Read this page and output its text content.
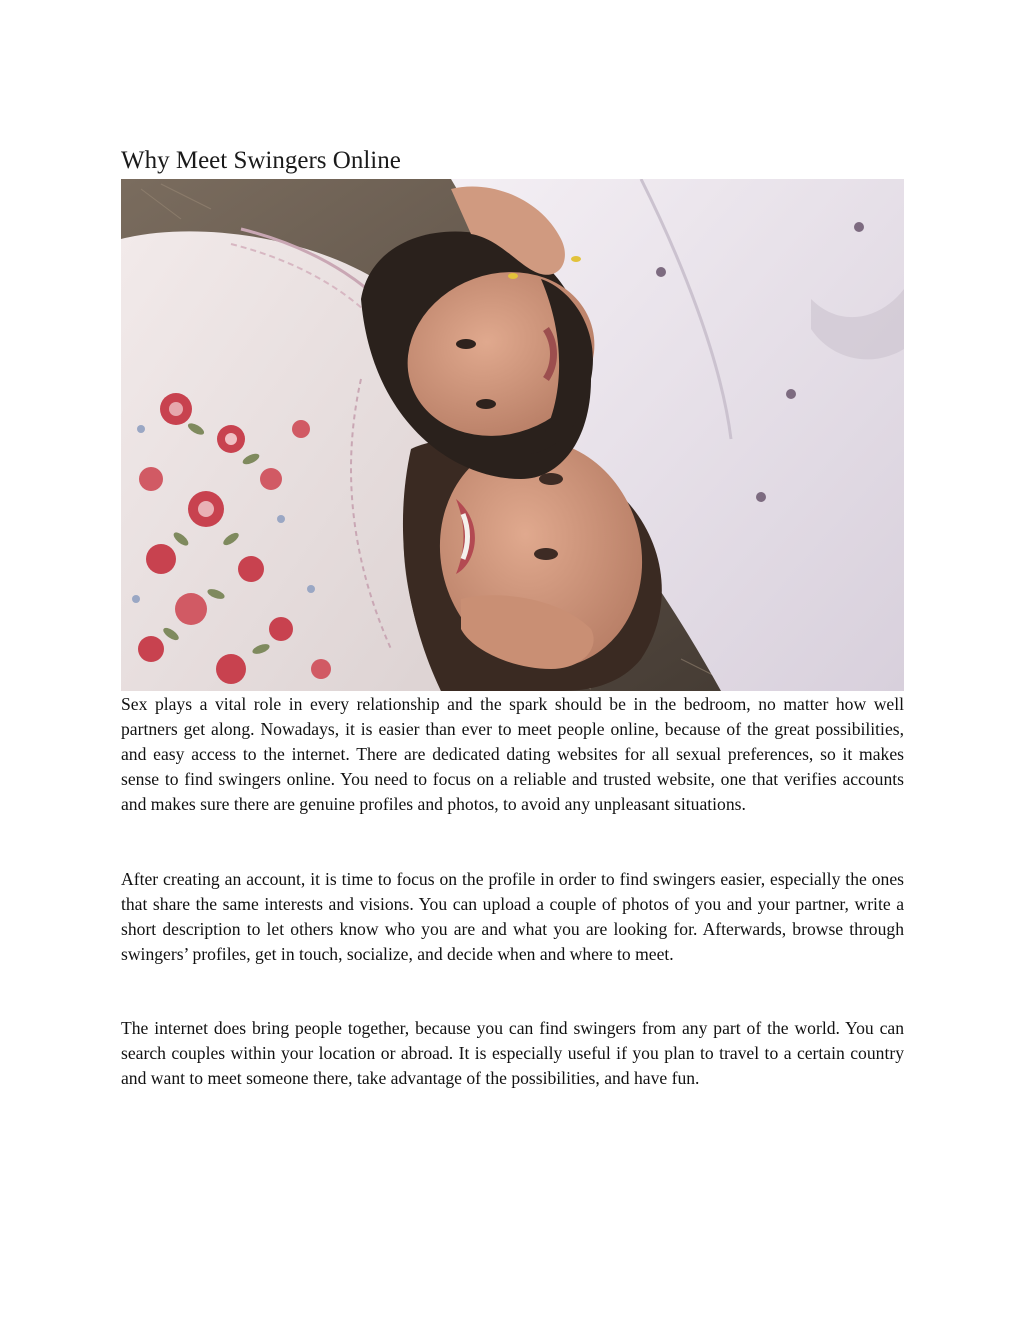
Why Meet Swingers Online

Sex plays a vital role in every relationship and the spark should be in the bedroom, no matter how well partners get along. Nowadays, it is easier than ever to meet people online, because of the great possibilities, and easy access to the internet. There are dedicated dating websites for all sexual preferences, so it makes sense to find swingers online. You need to focus on a reliable and trusted website, one that verifies accounts and makes sure there are genuine profiles and photos, to avoid any unpleasant situations.

After creating an account, it is time to focus on the profile in order to find swingers easier, especially the ones that share the same interests and visions. You can upload a couple of photos of you and your partner, write a short description to let others know who you are and what you are looking for. Afterwards, browse through swingers’ profiles, get in touch, socialize, and decide when and where to meet.

The internet does bring people together, because you can find swingers from any part of the world. You can search couples within your location or abroad. It is especially useful if you plan to travel to a certain country and want to meet someone there, take advantage of the possibilities, and have fun.
